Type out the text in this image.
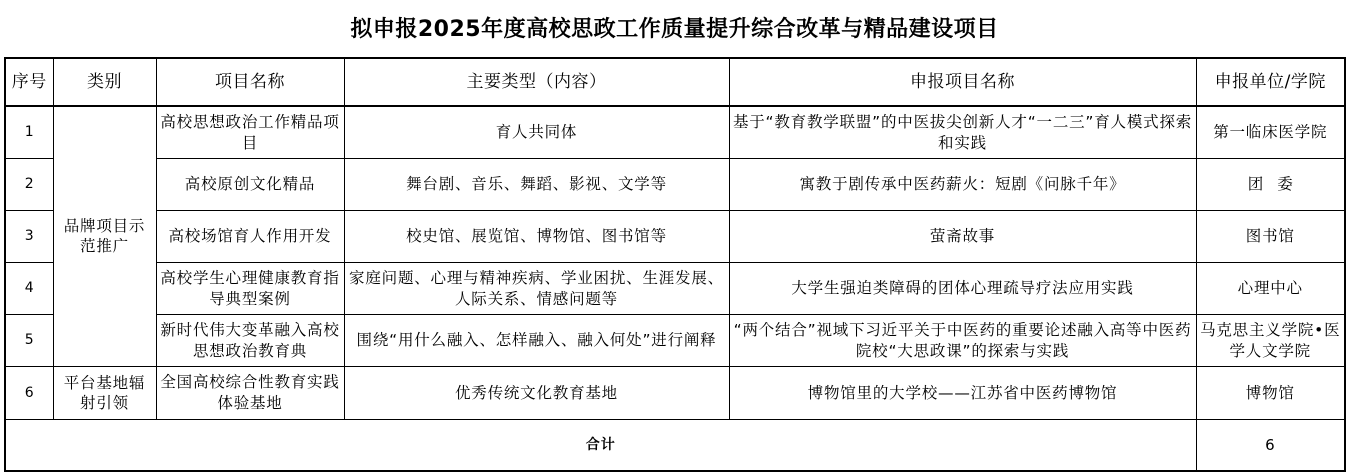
拟申报2025年度高校思政工作质量提升综合改革与精品建设项目
序号	类别	项目名称	主要类型（内容）	申报项目名称	申报单位/学院
1	品牌项目示范推广	高校思想政治工作精品项目	育人共同体	基于“教育教学联盟”的中医拔尖创新人才“一二三”育人模式探索和实践	第一临床医学院
2		高校原创文化精品	舞台剧、音乐、舞蹈、影视、文学等	寓教于剧传承中医药薪火：短剧《问脉千年》	团委
3		高校场馆育人作用开发	校史馆、展览馆、博物馆、图书馆等	萤斋故事	图书馆
4		高校学生心理健康教育指导典型案例	家庭问题、心理与精神疾病、学业困扰、生涯发展、人际关系、情感问题等	大学生强迫类障碍的团体心理疏导疗法应用实践	心理中心
5		新时代伟大变革融入高校思想政治教育典	围绕“用什么融入、怎样融入、融入何处”进行阐释	“两个结合”视域下习近平关于中医药的重要论述融入高等中医药院校“大思政课”的探索与实践	马克思主义学院•医学人文学院
6	平台基地辐射引领	全国高校综合性教育实践体验基地	优秀传统文化教育基地	博物馆里的大学校——江苏省中医药博物馆	博物馆
合计					6
